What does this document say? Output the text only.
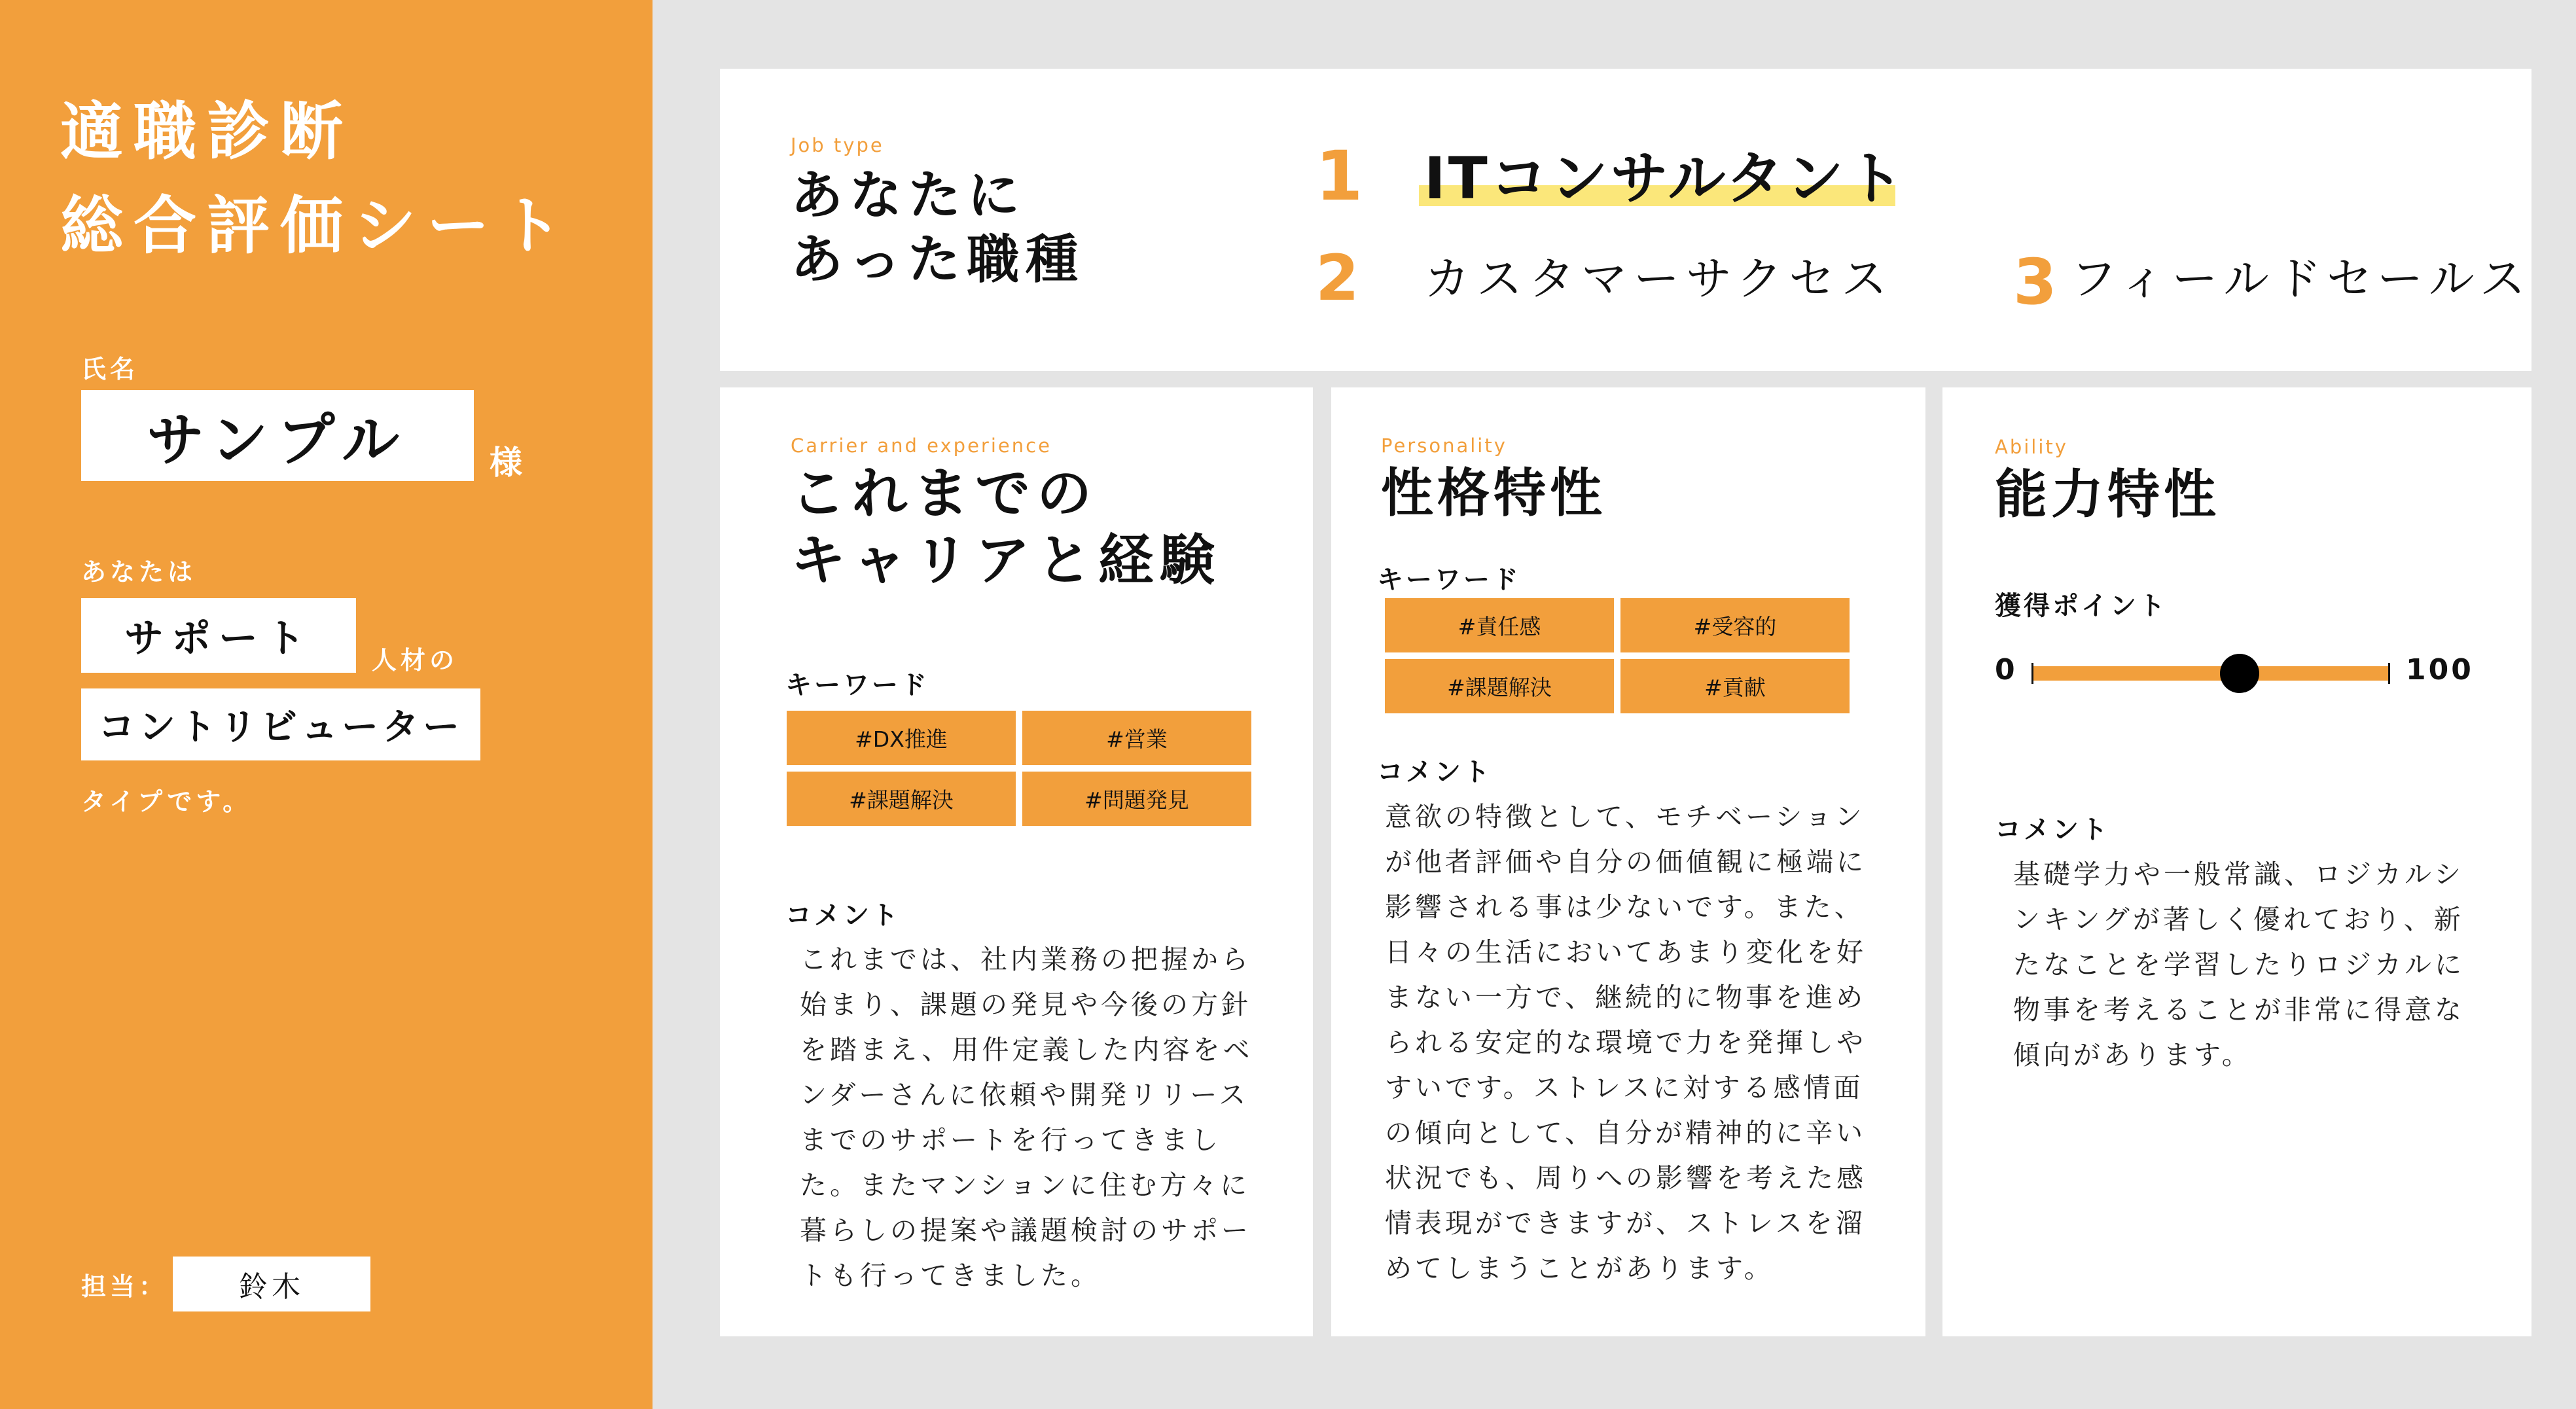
適職診断
総合評価シート
氏名
サンプル	様
あなたは
サポート	人材の
コントリビューター
タイプです。
担当：	鈴木
Job type
あなたに
あった職種
1 ITコンサルタント
2 カスタマーサクセス 3 フィールドセールス
Carrier and experience
これまでの
キャリアと経験
キーワード
#DX推進	#営業
#課題解決	#問題発見
コメント
これまでは、社内業務の把握から始まり、課題の発見や今後の方針を踏まえ、用件定義した内容をベンダーさんに依頼や開発リリースまでのサポートを行ってきました。またマンションに住む方々に暮らしの提案や議題検討のサポートも行ってきました。
Personality
性格特性
キーワード
#責任感	#受容的
#課題解決	#貢献
コメント
意欲の特徴として、モチベーションが他者評価や自分の価値観に極端に影響される事は少ないです。また、日々の生活においてあまり変化を好まない一方で、継続的に物事を進められる安定的な環境で力を発揮しやすいです。ストレスに対する感情面の傾向として、自分が精神的に辛い状況でも、周りへの影響を考えた感情表現ができますが、ストレスを溜めてしまうことがあります。
Ability
能力特性
獲得ポイント
0	100
コメント
基礎学力や一般常識、ロジカルシンキングが著しく優れており、新たなことを学習したりロジカルに物事を考えることが非常に得意な傾向があります。
